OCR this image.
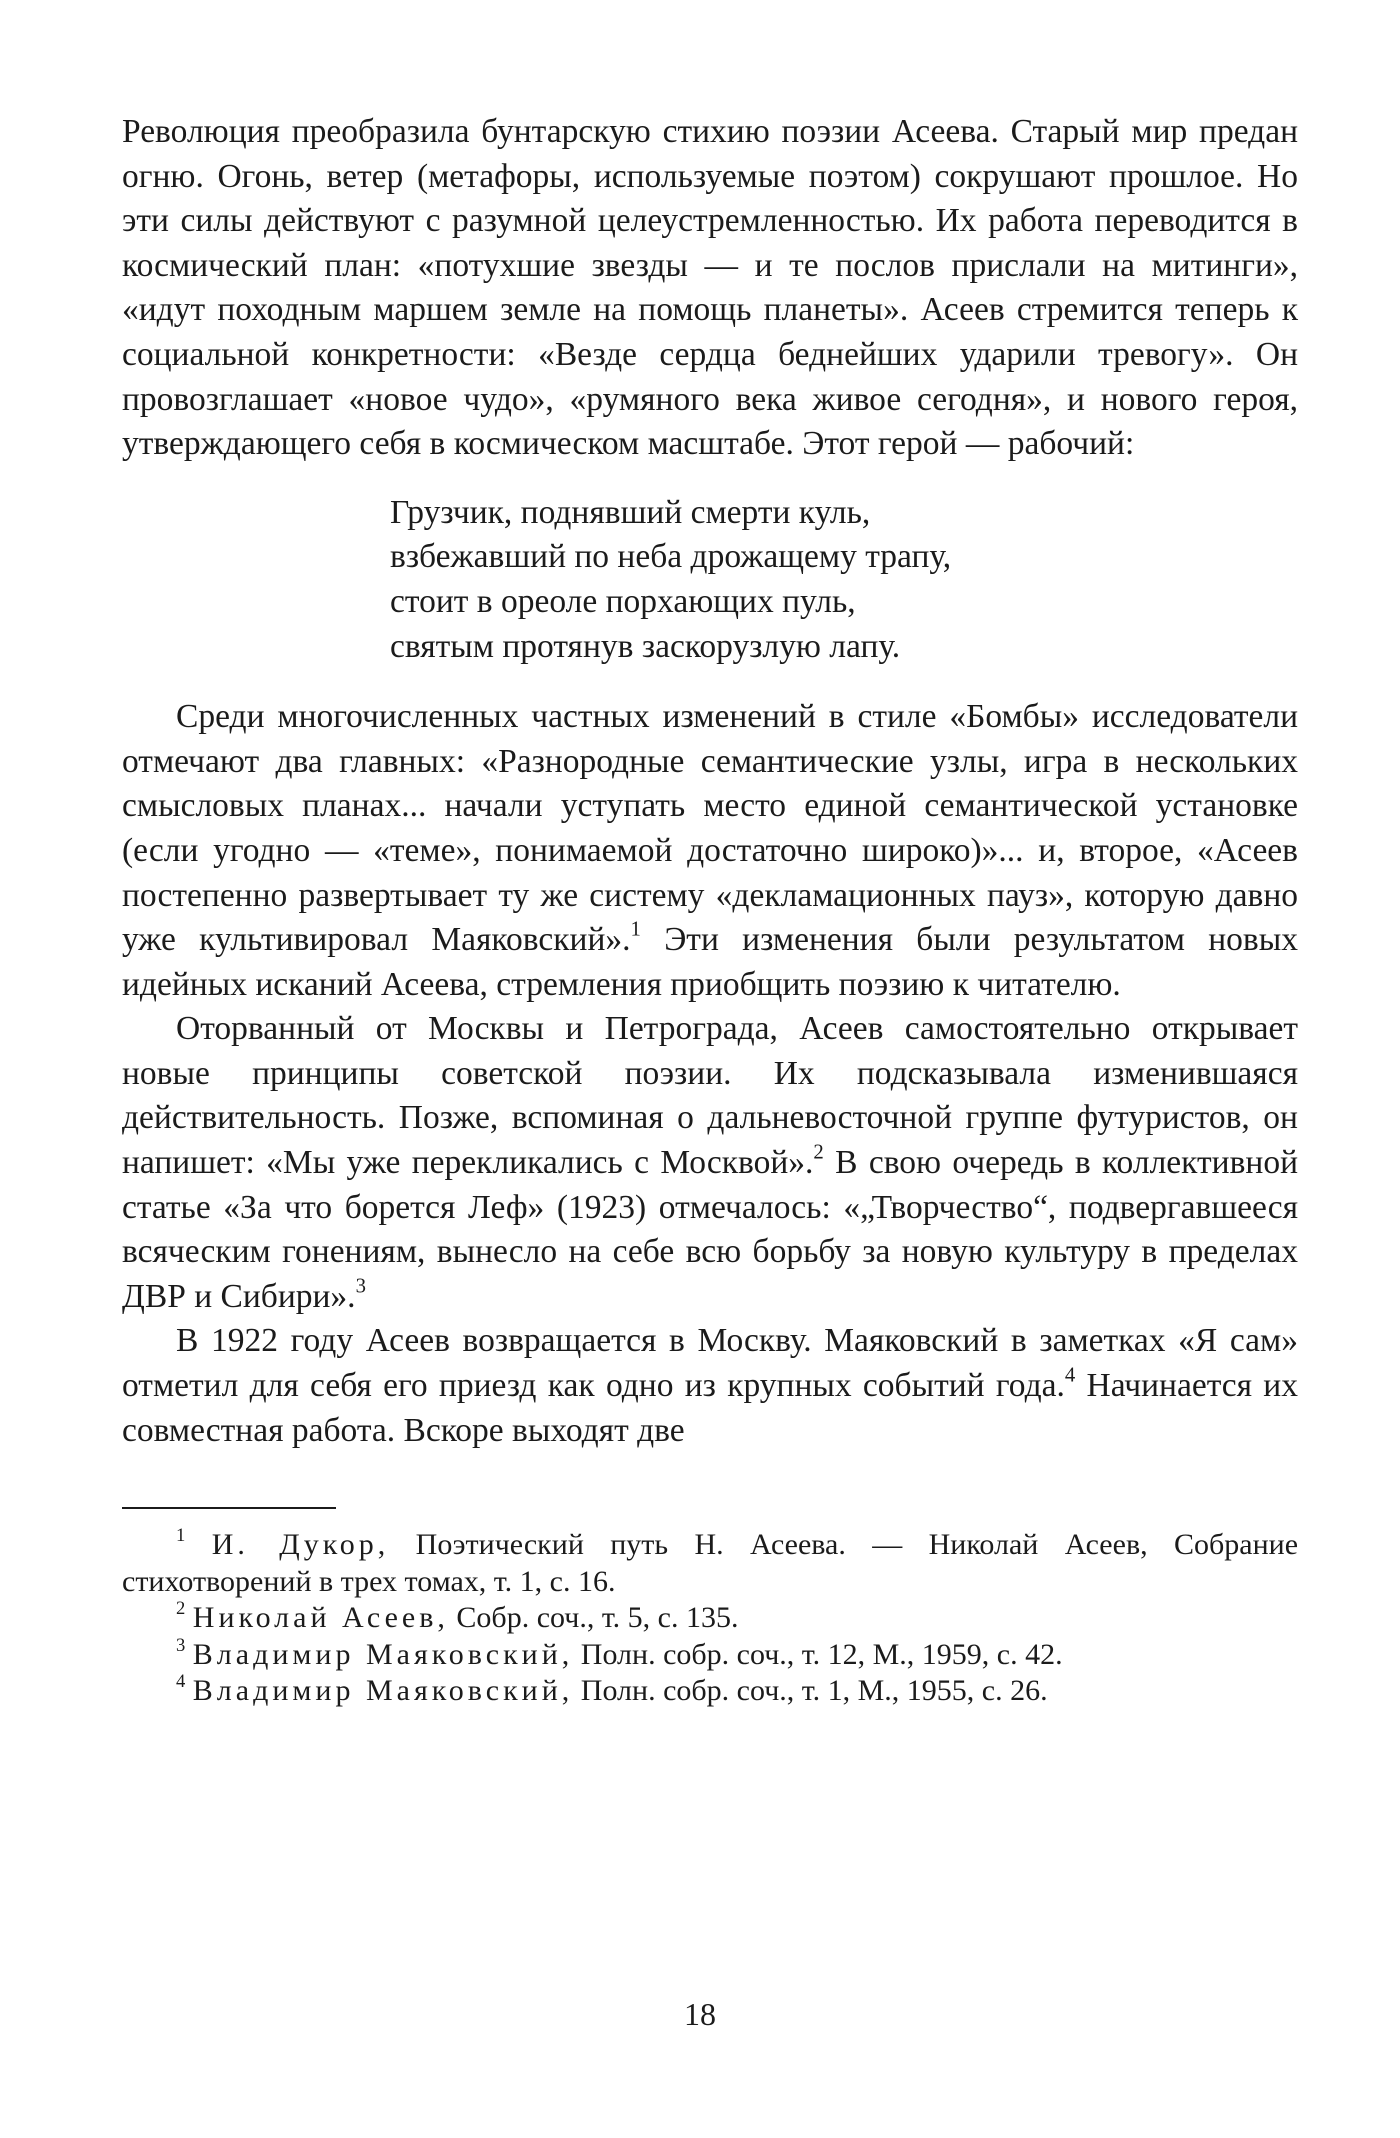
Революция преобразила бунтарскую стихию поэзии Асеева. Старый мир предан огню. Огонь, ветер (метафоры, используемые поэтом) сокрушают прошлое. Но эти силы действуют с разумной целеустремленностью. Их работа переводится в космический план: «потухшие звезды — и те послов прислали на митинги», «идут походным маршем земле на помощь планеты». Асеев стремится теперь к социальной конкретности: «Везде сердца беднейших ударили тревогу». Он провозглашает «новое чудо», «румяного века живое сегодня», и нового героя, утверждающего себя в космическом масштабе. Этот герой — рабочий:

Грузчик, поднявший смерти куль,
взбежавший по неба дрожащему трапу,
стоит в ореоле порхающих пуль,
святым протянув заскорузлую лапу.

Среди многочисленных частных изменений в стиле «Бомбы» исследователи отмечают два главных: «Разнородные семантические узлы, игра в нескольких смысловых планах... начали уступать место единой семантической установке (если угодно — «теме», понимаемой достаточно широко)»... и, второе, «Асеев постепенно развертывает ту же систему «декламационных пауз», которую давно уже культивировал Маяковский».$^1$ Эти изменения были результатом новых идейных исканий Асеева, стремления приобщить поэзию к читателю.

Оторванный от Москвы и Петрограда, Асеев самостоятельно открывает новые принципы советской поэзии. Их подсказывала изменившаяся действительность. Позже, вспоминая о дальневосточной группе футуристов, он напишет: «Мы уже перекликались с Москвой».$^2$ В свою очередь в коллективной статье «За что борется Леф» (1923) отмечалось: «„Творчество“, подвергавшееся всяческим гонениям, вынесло на себе всю борьбу за новую культуру в пределах ДВР и Сибири».$^3$

В 1922 году Асеев возвращается в Москву. Маяковский в заметках «Я сам» отметил для себя его приезд как одно из крупных событий года.$^4$ Начинается их совместная работа. Вскоре выходят две

$^1$ И. Дукор, Поэтический путь Н. Асеева. — Николай Асеев, Собрание стихотворений в трех томах, т. 1, с. 16.
$^2$ Николай Асеев, Собр. соч., т. 5, с. 135.
$^3$ Владимир Маяковский, Полн. собр. соч., т. 12, М., 1959, с. 42.
$^4$ Владимир Маяковский, Полн. собр. соч., т. 1, М., 1955, с. 26.
18
